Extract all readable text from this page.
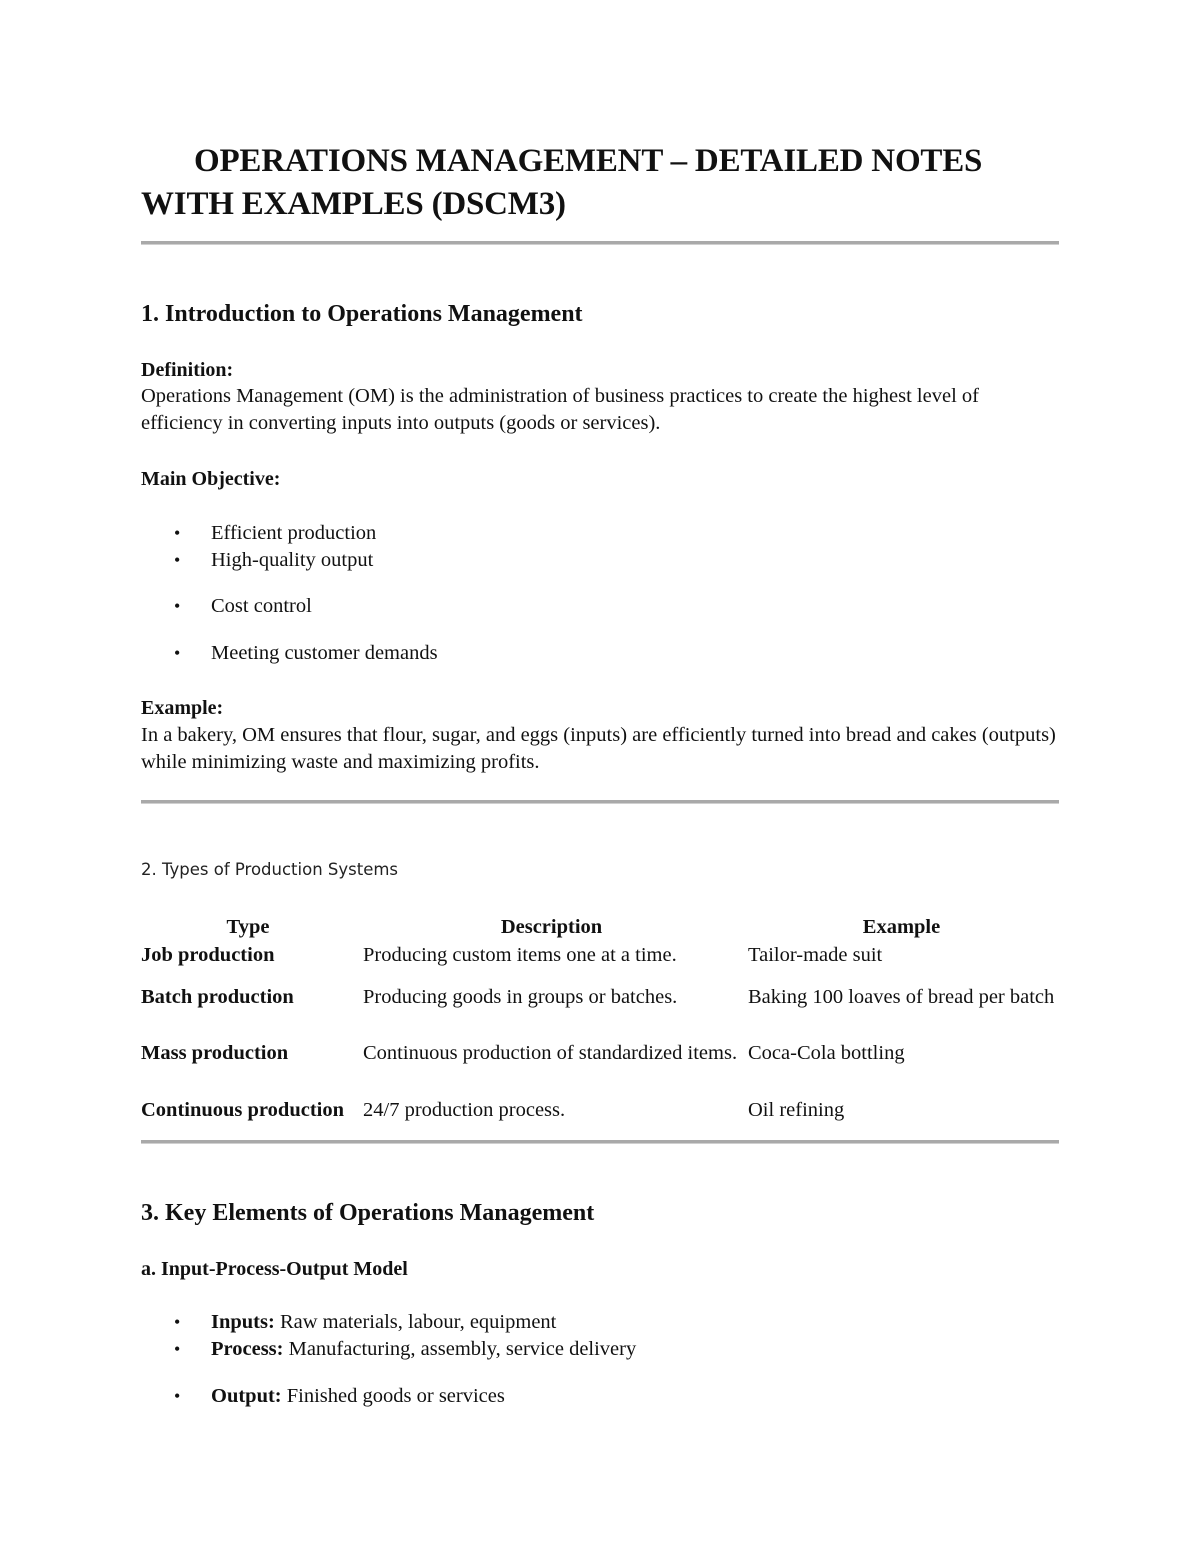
OPERATIONS MANAGEMENT – DETAILED NOTES WITH EXAMPLES (DSCM3)
1. Introduction to Operations Management

Definition:

Operations Management (OM) is the administration of business practices to create the highest level of efficiency in converting inputs into outputs (goods or services).

Main Objective:

•	Efficient production
•	High-quality output
•	Cost control
•	Meeting customer demands

Example:

In a bakery, OM ensures that flour, sugar, and eggs (inputs) are efficiently turned into bread and cakes (outputs) while minimizing waste and maximizing profits.

2. Types of Production Systems

Type	Description	Example
Job production	Producing custom items one at a time.	Tailor-made suit
Batch production	Producing goods in groups or batches.	Baking 100 loaves of bread per batch
Mass production	Continuous production of standardized items.	Coca-Cola bottling
Continuous production	24/7 production process.	Oil refining
3. Key Elements of Operations Management

a. Input-Process-Output Model

•	Inputs: Raw materials, labour, equipment
•	Process: Manufacturing, assembly, service delivery
•	Output: Finished goods or services
